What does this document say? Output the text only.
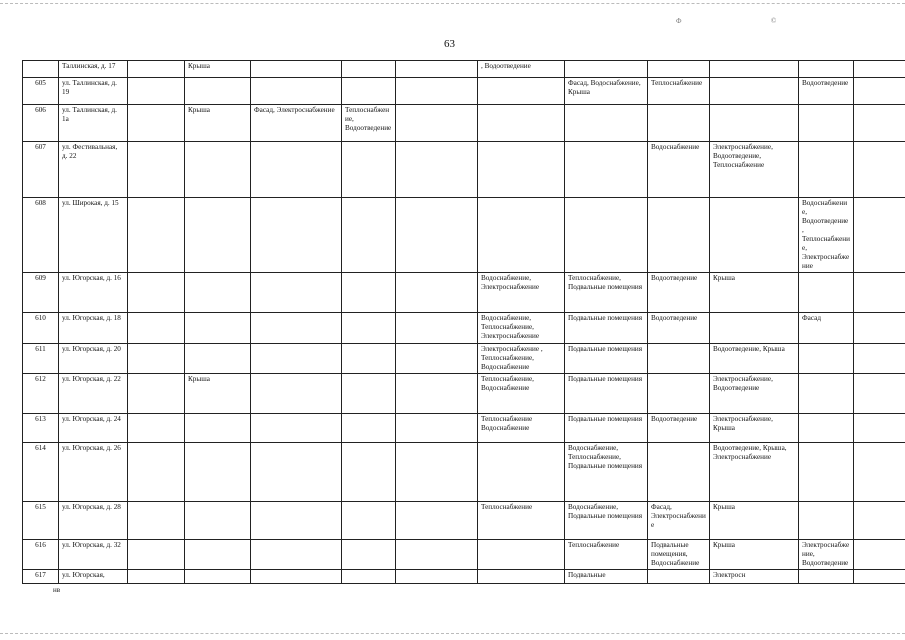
Ф	©
63
	Таллинская, д. 17		Крыша				, Водоотведение					
605	ул. Таллинская, д. 19							Фасад, Водоснабжение, Крыша	Теплоснабжение		Водоотведение	
606	ул. Таллинская, д. 1а		Крыша	Фасад, Электроснабжение	Теплоснабжение, Водоотведение							
607	ул. Фестивальная, д. 22								Водоснабжение	Электроснабжение, Водоотведение, Теплоснабжение		
608	ул. Широкая, д. 15										Водоснабжение, Водоотведение, Теплоснабжение, Электроснабжение	
609	ул. Югорская, д. 16						Водоснабжение, Электроснабжение	Теплоснабжение, Подвальные помещения	Водоотведение	Крыша		
610	ул. Югорская, д. 18						Водоснабжение, Теплоснабжение, Электроснабжение	Подвальные помещения	Водоотведение		Фасад	
611	ул. Югорская, д. 20						Электроснабжение , Теплоснабжение, Водоснабжение	Подвальные помещения		Водоотведение, Крыша		
612	ул. Югорская, д. 22		Крыша				Теплоснабжение, Водоснабжение	Подвальные помещения		Электроснабжение, Водоотведение		
613	ул. Югорская, д. 24						Теплоснабжение Водоснабжение	Подвальные помещения	Водоотведение	Электроснабжение, Крыша		
614	ул. Югорская, д. 26							Водоснабжение, Теплоснабжение, Подвальные помещения		Водоотведение, Крыша, Электроснабжение		
615	ул. Югорская, д. 28						Теплоснабжение	Водоснабжение, Подвальные помещения	Фасад, Электроснабжение	Крыша		
616	ул. Югорская, д. 32							Теплоснабжение	Подвальные помещения, Водоснабжение	Крыша	Электроснабжение, Водоотведение	
617	ул. Югорская,							Подвальные		Электросн		
нв
